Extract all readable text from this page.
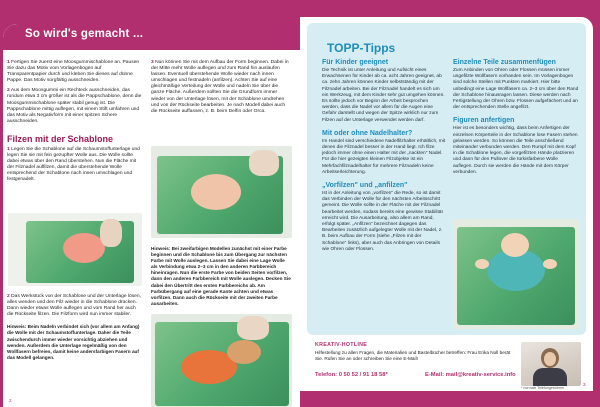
So wird's gemacht ...

1 Fertigen Sie zuerst eine Moosgummischablone an. Pausen Sie dazu das Motiv vom Vorlagenbogen auf Transparentpapier durch und kleben Sie dieses auf dünne Pappe. Das Motiv sorgfältig ausschneiden.

2 Aus dem Moosgummi ein Rechteck ausschneiden, das rundum etwa 3 cm größer ist als die Pappschablone, denn die Moosgummischablone später stabil genug ist. Die Pappschablone mittig auflegen, mit einem Stift umfahren und das Motiv als Negativform mit einer spitzen Schere ausschneiden.

Filzen mit der Schablone

1 Legen Sie die Schablone auf die Schaumstoffunterlage und legen Sie sie mit fein gezupfter Wolle aus. Die Wolle sollte dabei etwas über den Rand überstehen. Nun die Fläche mit der Filznadel auffilzen, damit die überstehende Wolle entsprechend der Schablone nach innen umschlagen und festgenadelt.

2 Das Werkstück von der Schablone und der Unterlage lösen, alles wenden und den Filz wieder in die Schablone drücken. Dann wieder etwas Wolle auflegen und vom Rand her auch die Rückseite filzen. Die Filzform wird nun immer stabiler.

Hinweis: Beim Nadeln verbindet sich (vor allem am Anfang) die Wolle mit der Schaumstoffunterlage. Daher die Teile zwischendurch immer wieder vorsichtig abziehen und wenden. Außerdem die Unterlage regelmäßig von den Wollfasern befreien, damit keine andersfarbigen Fasern auf das Modell gelangen.

3 Nun können Sie mit dem Aufbau der Form beginnen. Dabei in der Mitte mehr Wolle auflegen und zum Rand hin auslaufen lassen. Eventuell überstehende Wolle wieder nach innen umschlagen und festnadeln (anfilzen). Achten Sie auf eine gleichmäßige Verteilung der Wolle und nadeln Sie über die ganze Fläche. Außerdem sollten Sie die Grundform immer wieder von der Unterlage lösen, mit der Schablone umdrehen und von der Rückseite bearbeiten. Je nach Modell dabei auch die Rückseite auffassen, z. B. beim Delfin oder Orca.

Hinweis: Bei zweifarbigen Modellen zunächst mit einer Farbe beginnen und die Schablone bis zum Übergang zur nächsten Farbe mit Wolle auslegen. Lassen Sie dabei eine Lage Wolle als Verbindung etwa 2–3 cm in den anderen Farbbereich hineinragen. Nun die erste Farbe von beiden Seiten vorfilzen, dann den anderen Farbbereich mit Wolle auslegen. Decken Sie dabei den Übertritt des ersten Farbbereichs ab. Am Farbübergang auf eine gerade Kante achten und etwas vorfilzen. Dann auch die Rückseite mit der zweiten Farbe ausarbeiten.

2
TOPP-Tipps
Für Kinder geeignet

Die Technik ist unter Anleitung und Aufsicht eines Erwachsenen für Kinder ab ca. acht Jahren geeignet, ab ca. zehn Jahren können Kinder selbstständig mit der Filznadel arbeiten. Bei der Filznadel handelt es sich um ein Werkzeug, mit dem Kinder sehr gut umgehen können. Es sollte jedoch vor Beginn der Arbeit besprochen werden, dass die Nadel vor allem für die Augen eine Gefahr darstellt und wegen der Spitze wirklich nur zum Filzen auf der Unterlage verwendet werden darf.

Mit oder ohne Nadelhalter?

Im Handel sind verschiedene Nadelfilzhalter erhältlich, mit denen die Filznadel besser in der Hand liegt. Ich filze jedoch immer ohne einen Halter mit der „nackten" Nadel. Für die hier gezeigten kleinen Filzobjekte ist ein Mehrfachfilznadelhalter für mehrere Filznadeln keine Arbeitserleichterung.

„Vorfilzen" und „anfilzen"

Ist in der Anleitung von „vorfilzen" die Rede, so ist damit das Verbinden der Wolle für den nächsten Arbeitsschritt gemeint. Die Wolle sollte in der Fläche mit der Filznadel bearbeitet werden, sodass bereits eine gewisse Stabilität erreicht wird. Die Ausarbeitung, also allem am Rand, erfolgt später. „Anfilzen" bezeichnet dagegen das Bearbeiten zusätzlich aufgelegter Wolle mit der Nadel, z. B. beim Aufbau der Form (siehe „Filzen mit der Schablone" links), aber auch das Anbringen von Details wie Ohren oder Flossen.

Einzelne Teile zusammenfügen

Zum Anbinden von Ohren oder Flossen müssen immer ungefilzte Wollfasern vorhanden sein. Im Vorlagenbogen sind solche Stellen mit Punkten markiert. Hier bitte unbedingt eine Lage Wollfasern ca. 2–3 cm über den Rand der Schablone hinausragen lassen. Diese werden nach Fertigstellung der Ohren bzw. Flossen aufgefächert und an der entsprechenden Stelle angefilzt.

Figuren anfertigen

Hier ist es besonders wichtig, dass beim Anfertigen der einzelnen Körperteile in der Schablone lose Fasern stehen gelassen werden. So können die Teile anschließend miteinander verbunden werden. Den Rumpf mit dem Kopf in die Schablone legen, die vorgefilzten Hände platzieren und dann für den Pullover die türkisfarbene Wolle auflegen. Durch sie werden die Hände mit dem Körper verbunden.

KREATIV-HOTLINE
Hilfestellung zu allen Fragen, die Materialien und Bastelbücher betreffen: Frau Erika Noll berät Sie. Rufen Sie an oder schreiben Sie eine E-Mail!
Telefon: 0 50 52 / 91 18 58*	E-Mail: mail@kreativ-service.info
* normale Telefongebühren
3
